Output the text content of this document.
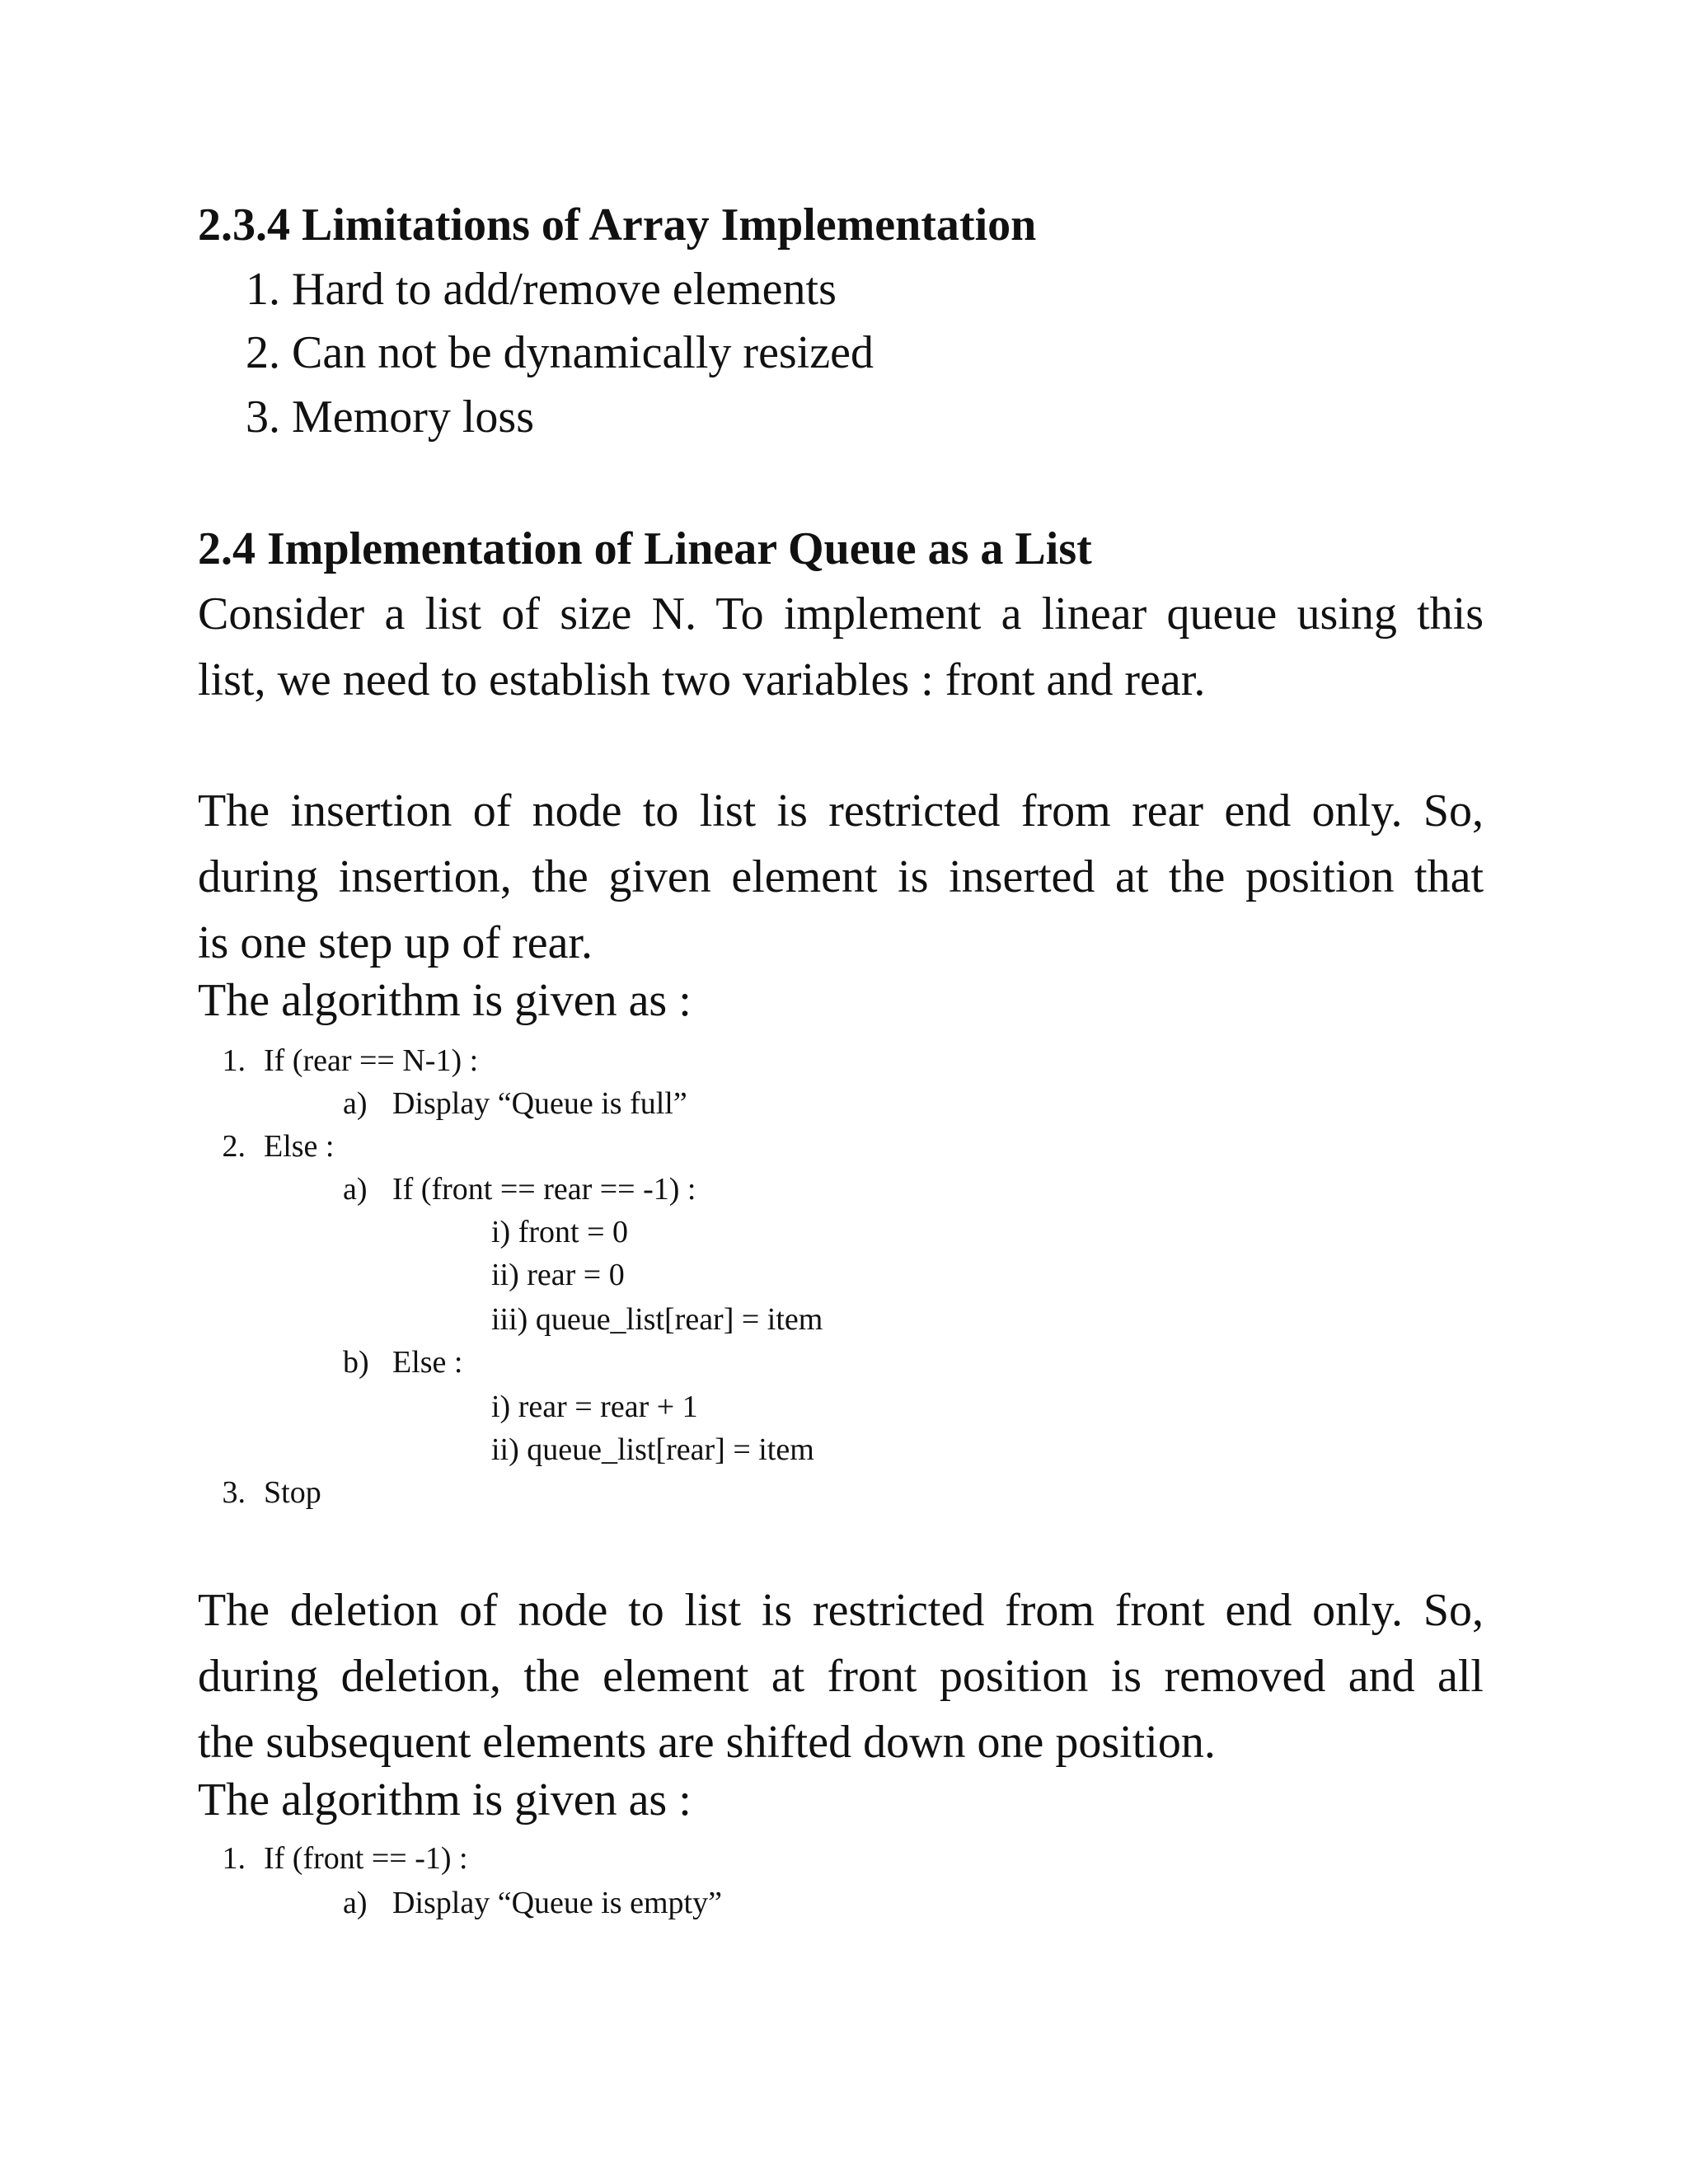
2.3.4 Limitations of Array Implementation
1. Hard to add/remove elements
2. Can not be dynamically resized
3. Memory loss
2.4 Implementation of Linear Queue as a List
Consider a list of size N. To implement a linear queue using this
list, we need to establish two variables : front and rear.
The insertion of node to list is restricted from rear end only. So,
during insertion, the given element is inserted at the position that
is one step up of rear.
The algorithm is given as :
1. If (rear == N-1) :
a) Display “Queue is full”
2. Else :
a) If (front == rear == -1) :
i) front = 0
ii) rear = 0
iii) queue_list[rear] = item
b) Else :
i) rear = rear + 1
ii) queue_list[rear] = item
3. Stop
The deletion of node to list is restricted from front end only. So,
during deletion, the element at front position is removed and all
the subsequent elements are shifted down one position.
The algorithm is given as :
1. If (front == -1) :
a) Display “Queue is empty”
